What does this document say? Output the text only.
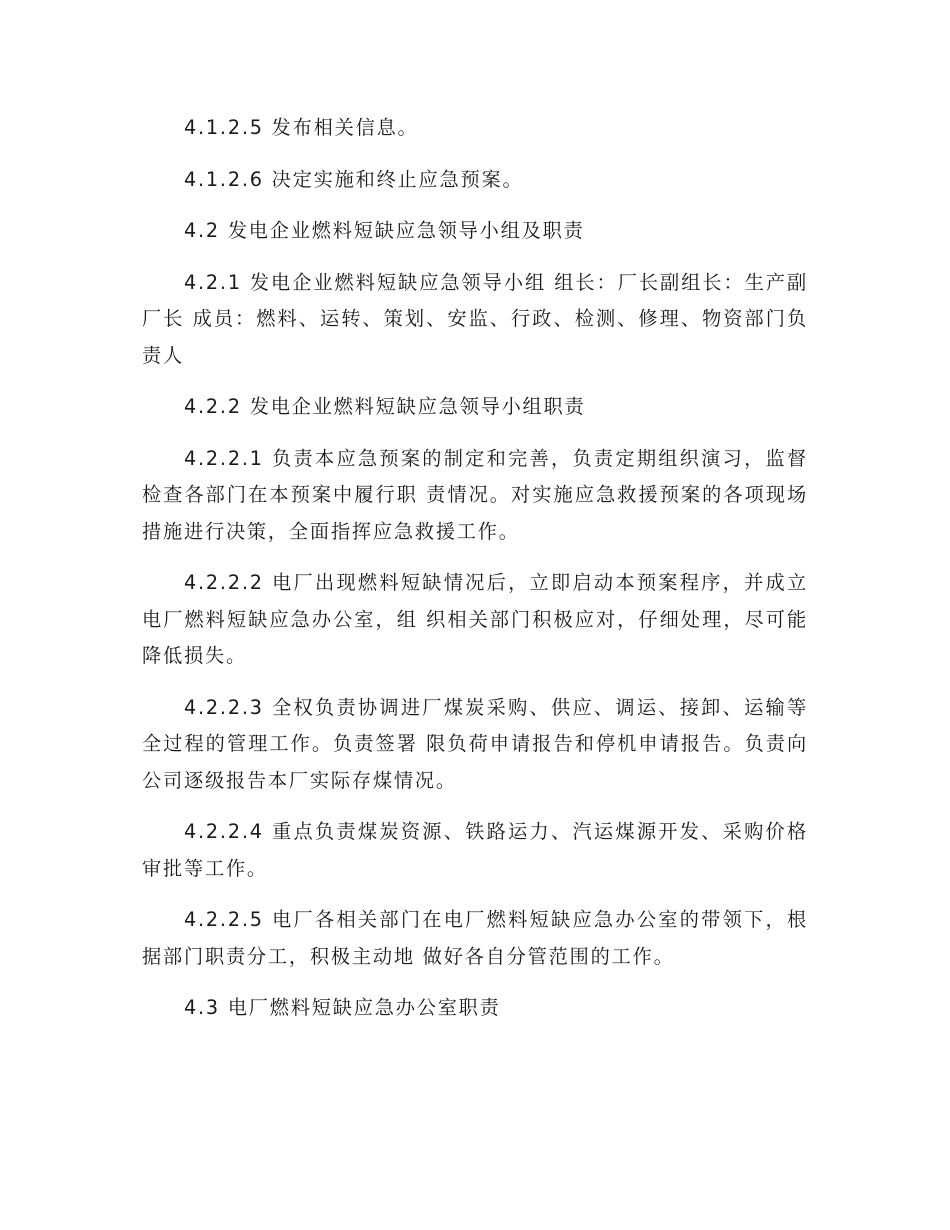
4.1.2.5 发布相关信息。

4.1.2.6 决定实施和终止应急预案。

4.2 发电企业燃料短缺应急领导小组及职责

4.2.1 发电企业燃料短缺应急领导小组 组长：厂长副组长：生产副厂长 成员：燃料、运转、策划、安监、行政、检测、修理、物资部门负责人

4.2.2 发电企业燃料短缺应急领导小组职责

4.2.2.1 负责本应急预案的制定和完善，负责定期组织演习，监督检查各部门在本预案中履行职 责情况。对实施应急救援预案的各项现场措施进行决策，全面指挥应急救援工作。

4.2.2.2 电厂出现燃料短缺情况后，立即启动本预案程序，并成立电厂燃料短缺应急办公室，组 织相关部门积极应对，仔细处理，尽可能降低损失。

4.2.2.3 全权负责协调进厂煤炭采购、供应、调运、接卸、运输等全过程的管理工作。负责签署 限负荷申请报告和停机申请报告。负责向公司逐级报告本厂实际存煤情况。

4.2.2.4 重点负责煤炭资源、铁路运力、汽运煤源开发、采购价格审批等工作。

4.2.2.5 电厂各相关部门在电厂燃料短缺应急办公室的带领下，根据部门职责分工，积极主动地 做好各自分管范围的工作。

4.3 电厂燃料短缺应急办公室职责
